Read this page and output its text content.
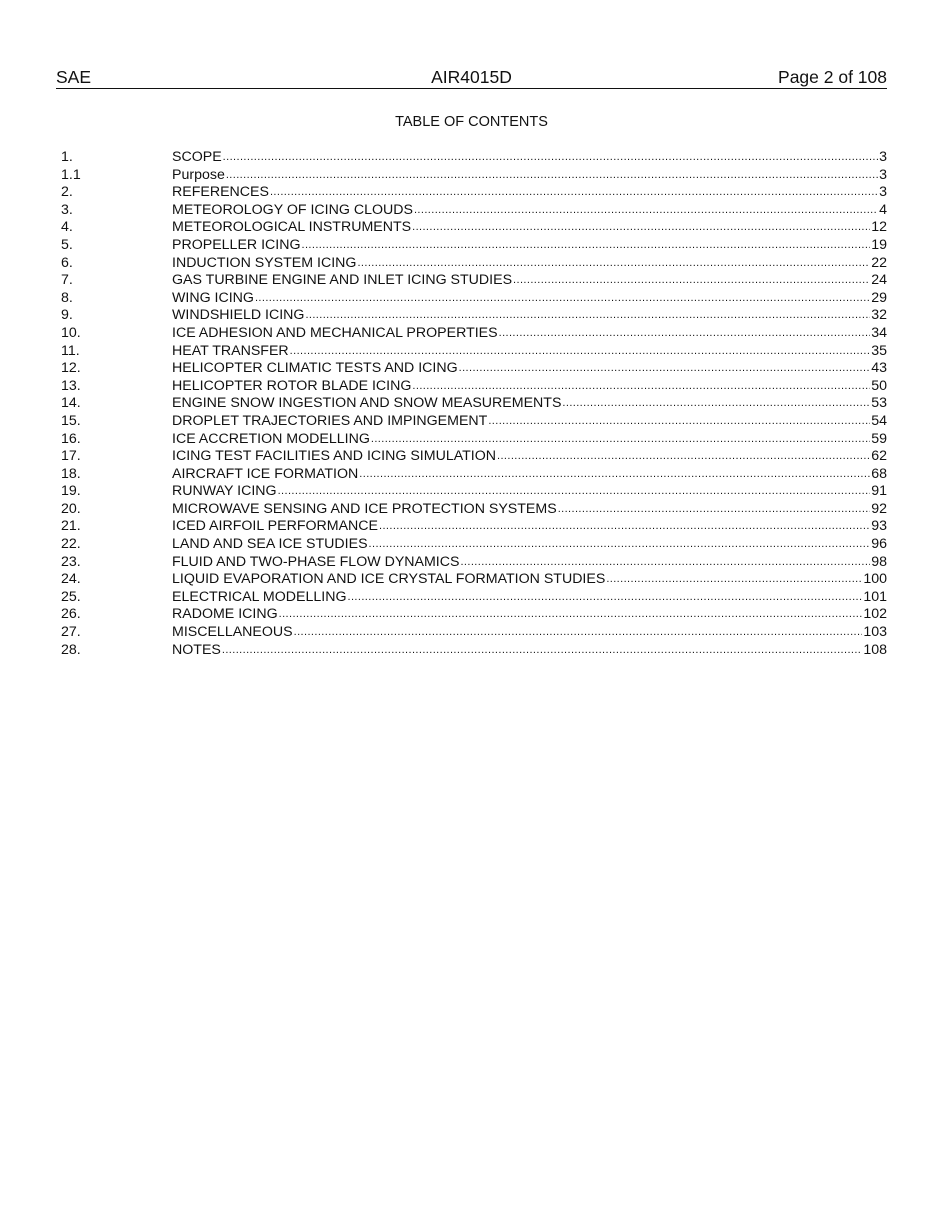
AIR4015D
SAE	Page 2 of 108
TABLE OF CONTENTS
1.	SCOPE .....	3
1.1	Purpose .....	3
2.	REFERENCES .....	3
3.	METEOROLOGY OF ICING CLOUDS .....	4
4.	METEOROLOGICAL INSTRUMENTS .....	12
5.	PROPELLER ICING .....	19
6.	INDUCTION SYSTEM ICING .....	22
7.	GAS TURBINE ENGINE AND INLET ICING STUDIES .....	24
8.	WING ICING .....	29
9.	WINDSHIELD ICING .....	32
10.	ICE ADHESION AND MECHANICAL PROPERTIES .....	34
11.	HEAT TRANSFER .....	35
12.	HELICOPTER CLIMATIC TESTS AND ICING .....	43
13.	HELICOPTER ROTOR BLADE ICING .....	50
14.	ENGINE SNOW INGESTION AND SNOW MEASUREMENTS .....	53
15.	DROPLET TRAJECTORIES AND IMPINGEMENT .....	54
16.	ICE ACCRETION MODELLING .....	59
17.	ICING TEST FACILITIES AND ICING SIMULATION .....	62
18.	AIRCRAFT ICE FORMATION .....	68
19.	RUNWAY ICING .....	91
20.	MICROWAVE SENSING AND ICE PROTECTION SYSTEMS .....	92
21.	ICED AIRFOIL PERFORMANCE .....	93
22.	LAND AND SEA ICE STUDIES .....	96
23.	FLUID AND TWO-PHASE FLOW DYNAMICS .....	98
24.	LIQUID EVAPORATION AND ICE CRYSTAL FORMATION STUDIES .....	100
25.	ELECTRICAL MODELLING .....	101
26.	RADOME ICING .....	102
27.	MISCELLANEOUS .....	103
28.	NOTES .....	108
